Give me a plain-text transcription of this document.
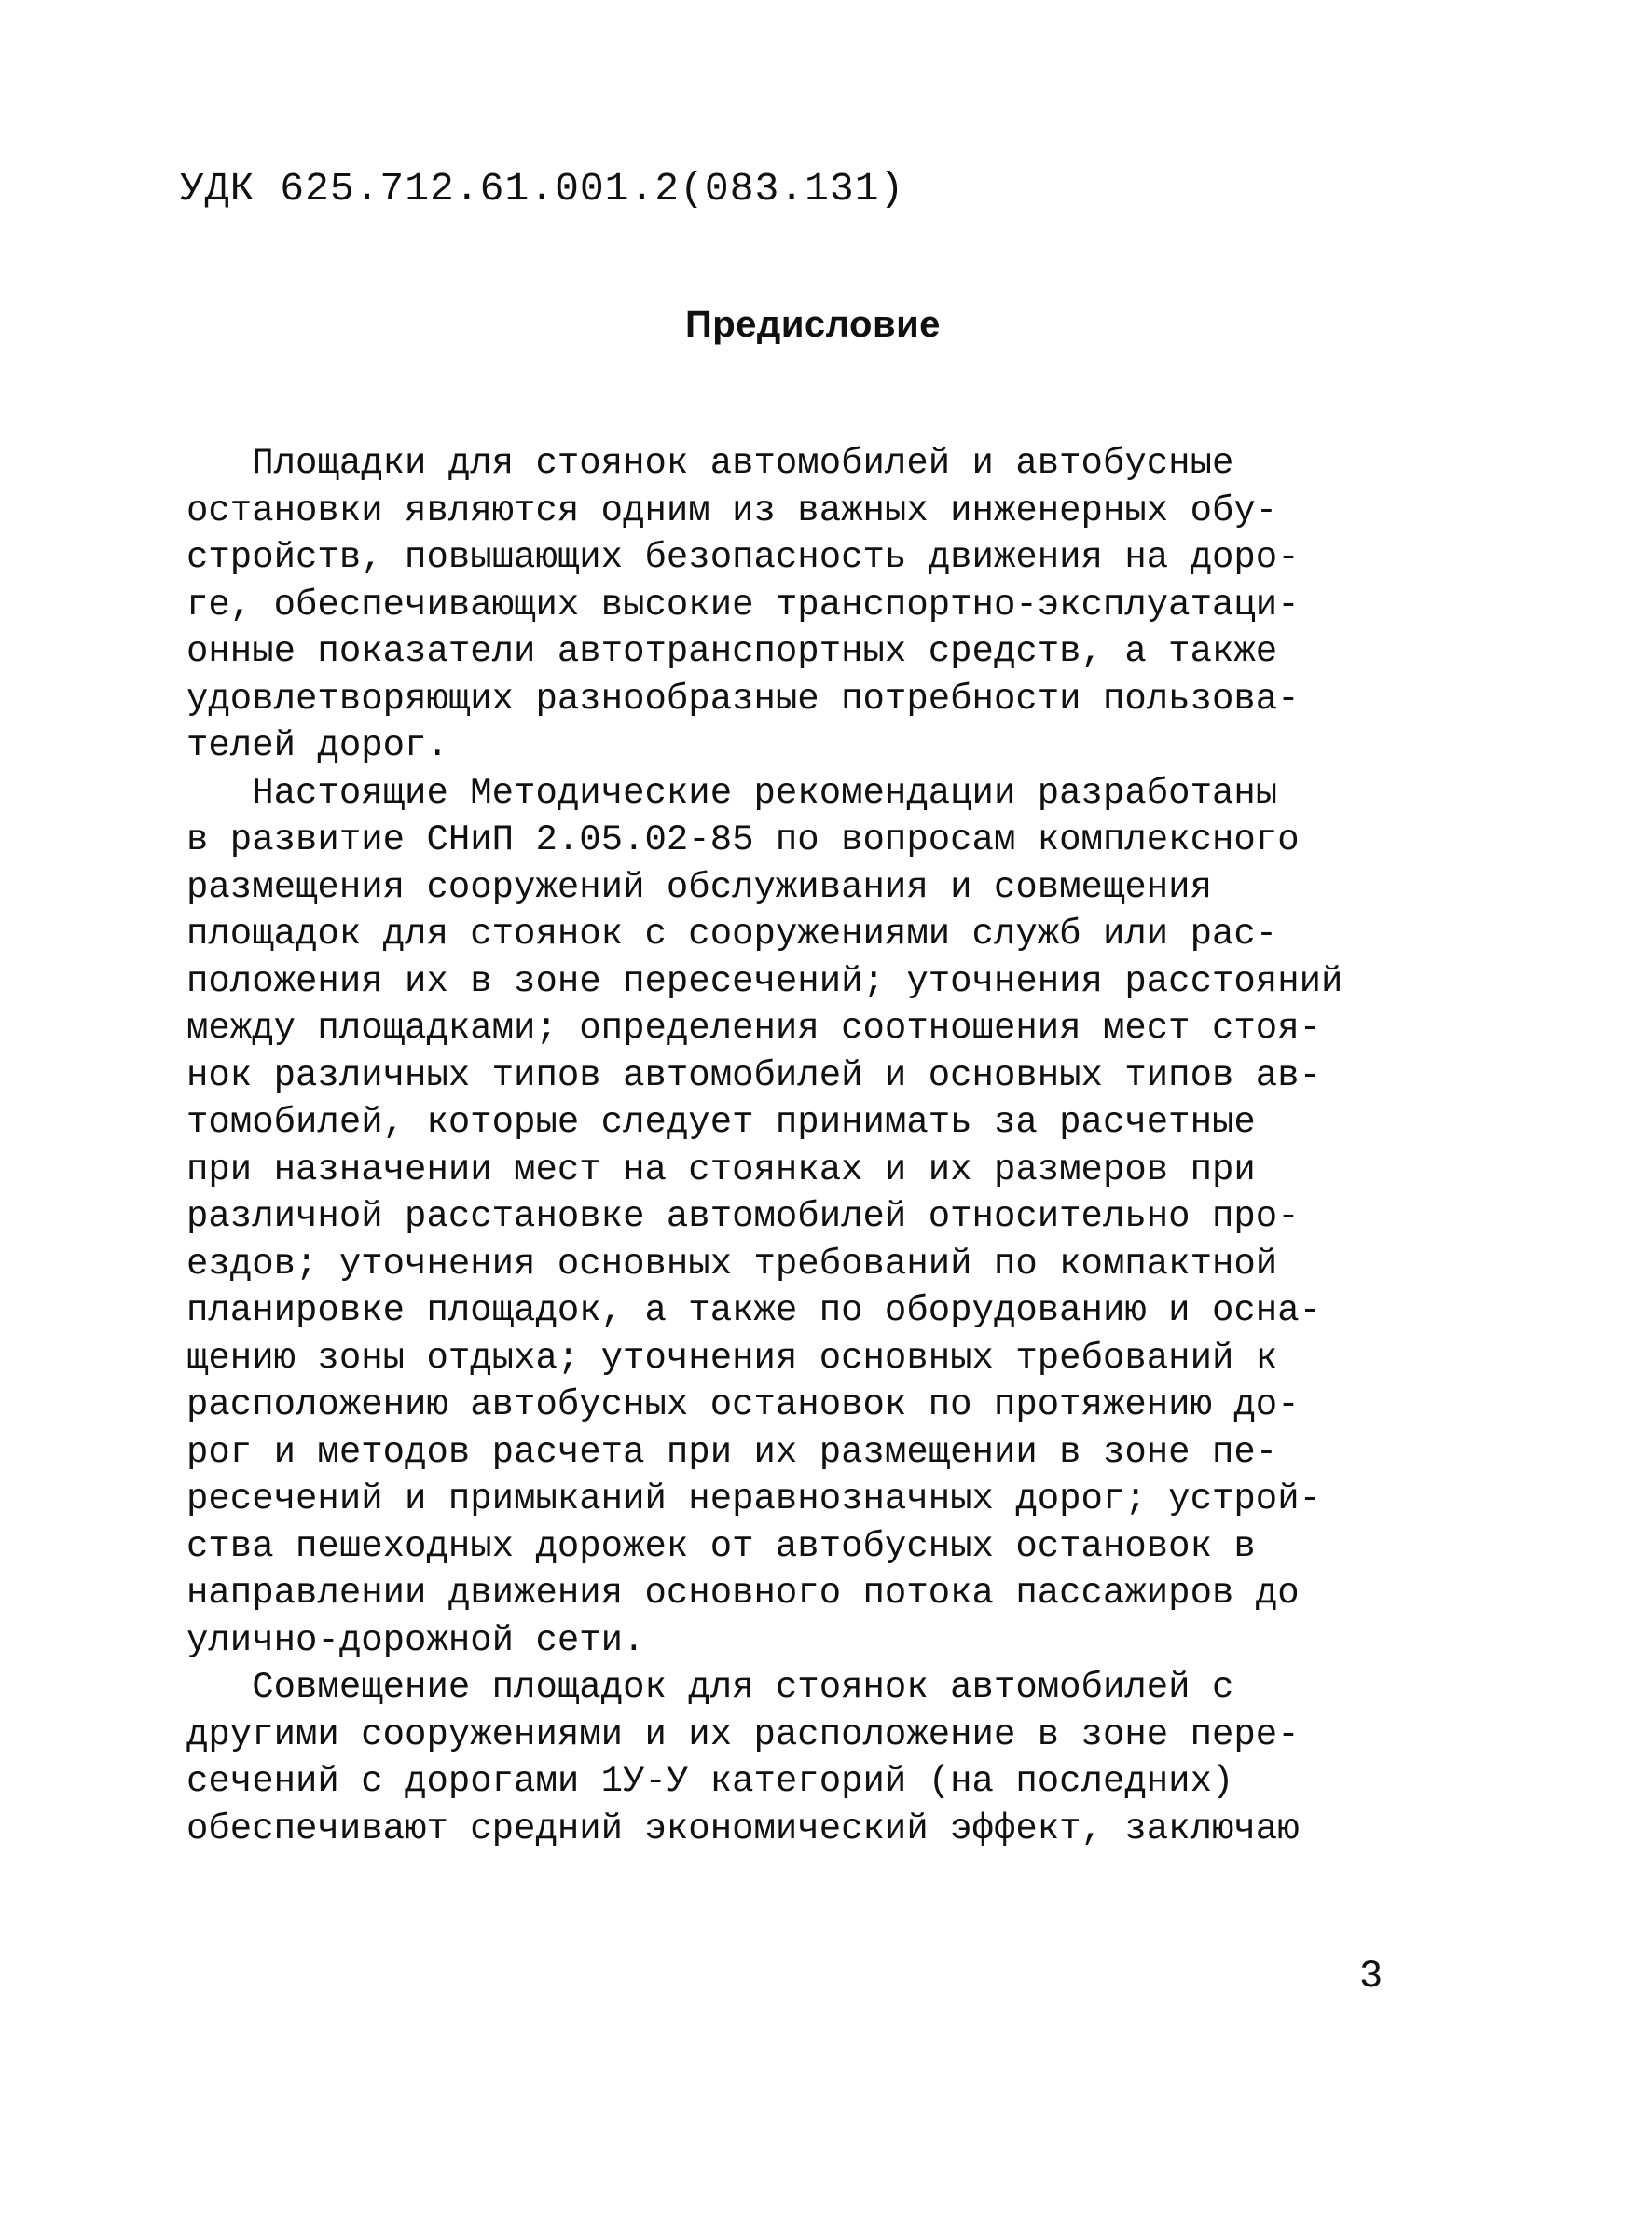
УДК 625.712.61.001.2(083.131)
Предисловие
Площадки для стоянок автомобилей и автобусные
остановки являются одним из важных инженерных обу-
стройств, повышающих безопасность движения на доро-
ге, обеспечивающих высокие транспортно-эксплуатаци-
онные показатели автотранспортных средств, а также
удовлетворяющих разнообразные потребности пользова-
телей дорог.
Настоящие Методические рекомендации разработаны
в развитие СНиП 2.05.02-85 по вопросам комплексного
размещения сооружений обслуживания и совмещения
площадок для стоянок с сооружениями служб или рас-
положения их в зоне пересечений; уточнения расстояний
между площадками; определения соотношения мест стоя-
нок различных типов автомобилей и основных типов ав-
томобилей, которые следует принимать за расчетные
при назначении мест на стоянках и их размеров при
различной расстановке автомобилей относительно про-
ездов; уточнения основных требований по компактной
планировке площадок, а также по оборудованию и осна-
щению зоны отдыха; уточнения основных требований к
расположению автобусных остановок по протяжению до-
рог и методов расчета при их размещении в зоне пе-
ресечений и примыканий неравнозначных дорог; устрой-
ства пешеходных дорожек от автобусных остановок в
направлении движения основного потока пассажиров до
улично-дорожной сети.
Совмещение площадок для стоянок автомобилей с
другими сооружениями и их расположение в зоне пере-
сечений с дорогами 1У-У категорий (на последних)
обеспечивают средний экономический эффект, заключаю
3
